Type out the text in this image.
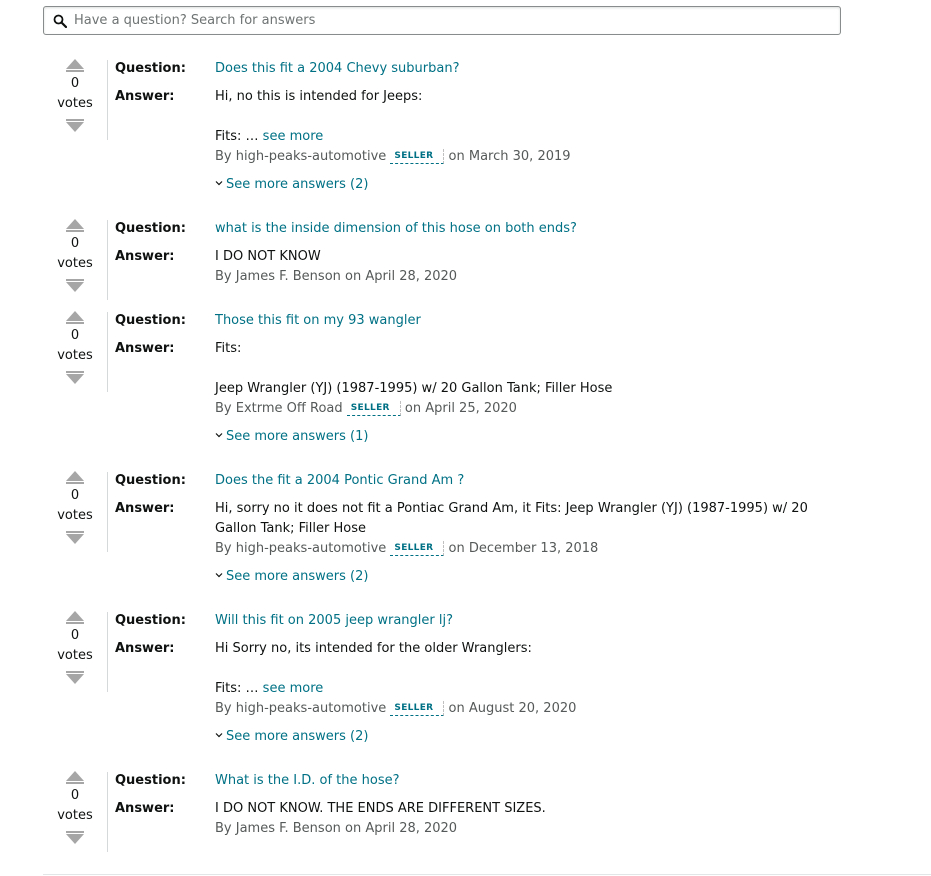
Have a question? Search for answers
0
votes
Question: Does this fit a 2004 Chevy suburban?
Answer:	Hi, no this is intended for Jeeps:
Fits: … see more
By high-peaks-automotive SELLER on March 30, 2019
See more answers (2)
0
votes
Question: what is the inside dimension of this hose on both ends?
Answer:	I DO NOT KNOW
By James F. Benson on April 28, 2020
0
votes
Question: Those this fit on my 93 wangler
Answer:	Fits:
Jeep Wrangler (YJ) (1987-1995) w/ 20 Gallon Tank; Filler Hose
By Extrme Off Road SELLER on April 25, 2020
See more answers (1)
0
votes
Question: Does the fit a 2004 Pontic Grand Am ?
Answer:	Hi, sorry no it does not fit a Pontiac Grand Am, it Fits: Jeep Wrangler (YJ) (1987-1995) w/ 20
Gallon Tank; Filler Hose
By high-peaks-automotive SELLER on December 13, 2018
See more answers (2)
0
votes
Question: Will this fit on 2005 jeep wrangler lj?
Answer:	Hi Sorry no, its intended for the older Wranglers:
Fits: … see more
By high-peaks-automotive SELLER on August 20, 2020
See more answers (2)
0
votes
Question: What is the I.D. of the hose?
Answer:	I DO NOT KNOW. THE ENDS ARE DIFFERENT SIZES.
By James F. Benson on April 28, 2020
